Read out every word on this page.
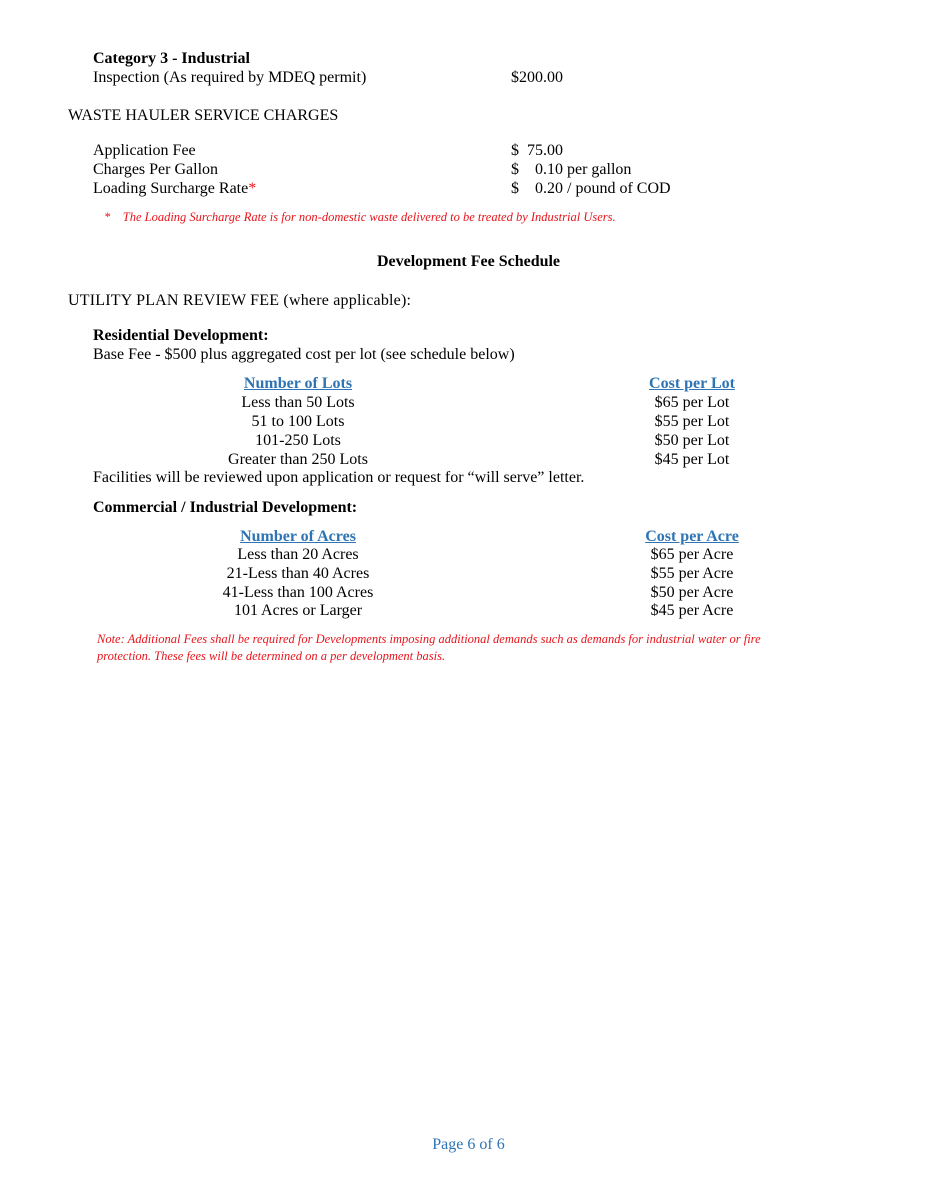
Category 3 - Industrial
Inspection (As required by MDEQ permit)	$200.00
WASTE HAULER SERVICE CHARGES
Application Fee	$  75.00
Charges Per Gallon	$    0.10 per gallon
Loading Surcharge Rate*	$    0.20 / pound of COD
* The Loading Surcharge Rate is for non-domestic waste delivered to be treated by Industrial Users.
Development Fee Schedule
UTILITY PLAN REVIEW FEE (where applicable):
Residential Development:
Base Fee - $500 plus aggregated cost per lot (see schedule below)
Number of Lots	Cost per Lot
Less than 50 Lots	$65 per Lot
51 to 100 Lots	$55 per Lot
101-250 Lots	$50 per Lot
Greater than 250 Lots	$45 per Lot
Facilities will be reviewed upon application or request for “will serve” letter.
Commercial / Industrial Development:
Number of Acres	Cost per Acre
Less than 20 Acres	$65 per Acre
21-Less than 40 Acres	$55 per Acre
41-Less than 100 Acres	$50 per Acre
101 Acres or Larger	$45 per Acre
Note: Additional Fees shall be required for Developments imposing additional demands such as demands for industrial water or fire
protection. These fees will be determined on a per development basis.
Page 6 of 6
